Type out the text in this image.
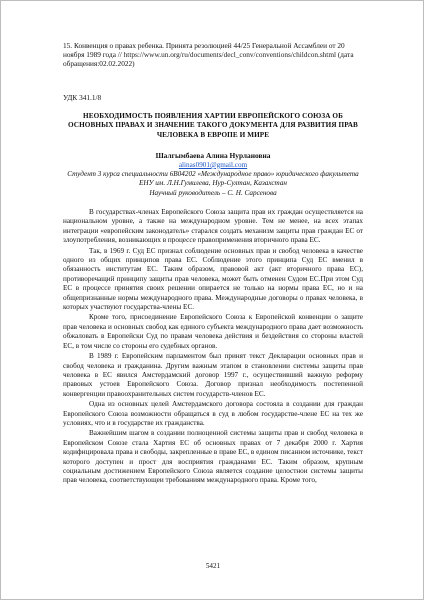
15. Конвенция о правах ребенка. Принята резолюцией 44/25 Генеральной Ассамблеи от 20 ноября 1989 года // https://www.un.org/ru/documents/decl_conv/conventions/childcon.shtml (дата обращения:02.02.2022)

УДК 341.1/8

НЕОБХОДИМОСТЬ ПОЯВЛЕНИЯ ХАРТИИ ЕВРОПЕЙСКОГО СОЮЗА ОБ ОСНОВНЫХ ПРАВАХ И ЗНАЧЕНИЕ ТАКОГО ДОКУМЕНТА ДЛЯ РАЗВИТИЯ ПРАВ ЧЕЛОВЕКА В ЕВРОПЕ И МИРЕ

Шалгымбаева Алина Нурлановна

alinas0901@gmail.com

Студент 3 курса специальности 6В04202 «Международное право» юридического факультета

ЕНУ им. Л.Н.Гумилева, Нур-Султан, Казахстан

Научный руководитель – С. Н. Сарсенова

В государствах-членах Европейского Союза защита прав их граждан осуществляется на национальном уровне, а также на международном уровне. Тем не менее, на всех этапах интеграции «европейским законодатель» старался создать механизм защиты прав граждан ЕС от злоупотребления, возникающих в процессе правоприменения вторичного права ЕС.

Так, в 1969 г. Суд ЕС признал соблюдение основных прав и свобод человека в качестве одного из общих принципов права ЕС. Соблюдение этого принципа Суд ЕС вменил в обязанность институтам ЕС. Таким образом, правовой акт (акт вторичного права ЕС), противоречащий принципу защиты прав человека, может быть отменен Судом ЕС.При этом Суд ЕС в процессе принятия своих решении опирается не только на нормы права ЕС, но и на общепризнанные нормы международного права. Международные договоры о правах человека, в которых участвуют государства-члены ЕС.

Кроме того, присоединение Европейского Союза к Европейской конвенции о защите прав человека и основных свобод как единого субъекта международного права дает возможность обжаловать в Европейски Суд по правам человека действия и бездействия со стороны властей ЕС, в том числе со стороны его судебных органов.

В 1989 г. Европейским парламентом был принят текст Декларации основных прав и свобод человека и гражданина. Другим важным этапом в становлении системы защиты прав человека в ЕС явился Амстердамский договор 1997 г., осуществивший важную реформу правовых устоев Европейского Союза. Договор признал необходимость постепенной конвергенции правоохранительных систем государств-членов ЕС.

Одна из основных целей Амстердамского договора состояла в создании для граждан Европейского Союза возможности обращаться в суд в любом государстве-члене ЕС на тех же условиях, что и в государстве их гражданства.

Важнейшим шагом в создании полноценной системы защиты прав и свобод человека в Европейском Союзе стала Хартия ЕС об основных правах от 7 декабря 2000 г. Хартия кодифицировала права и свободы, закрепленные в праве ЕС, в едином писанном источнике, текст которого доступен и прост для восприятия гражданами ЕС. Таким образом, крупным социальным достижением Европейского Союза является создание целостнои системы защиты прав человека, соответствующеи требованиям международного права. Кроме того,

5421
